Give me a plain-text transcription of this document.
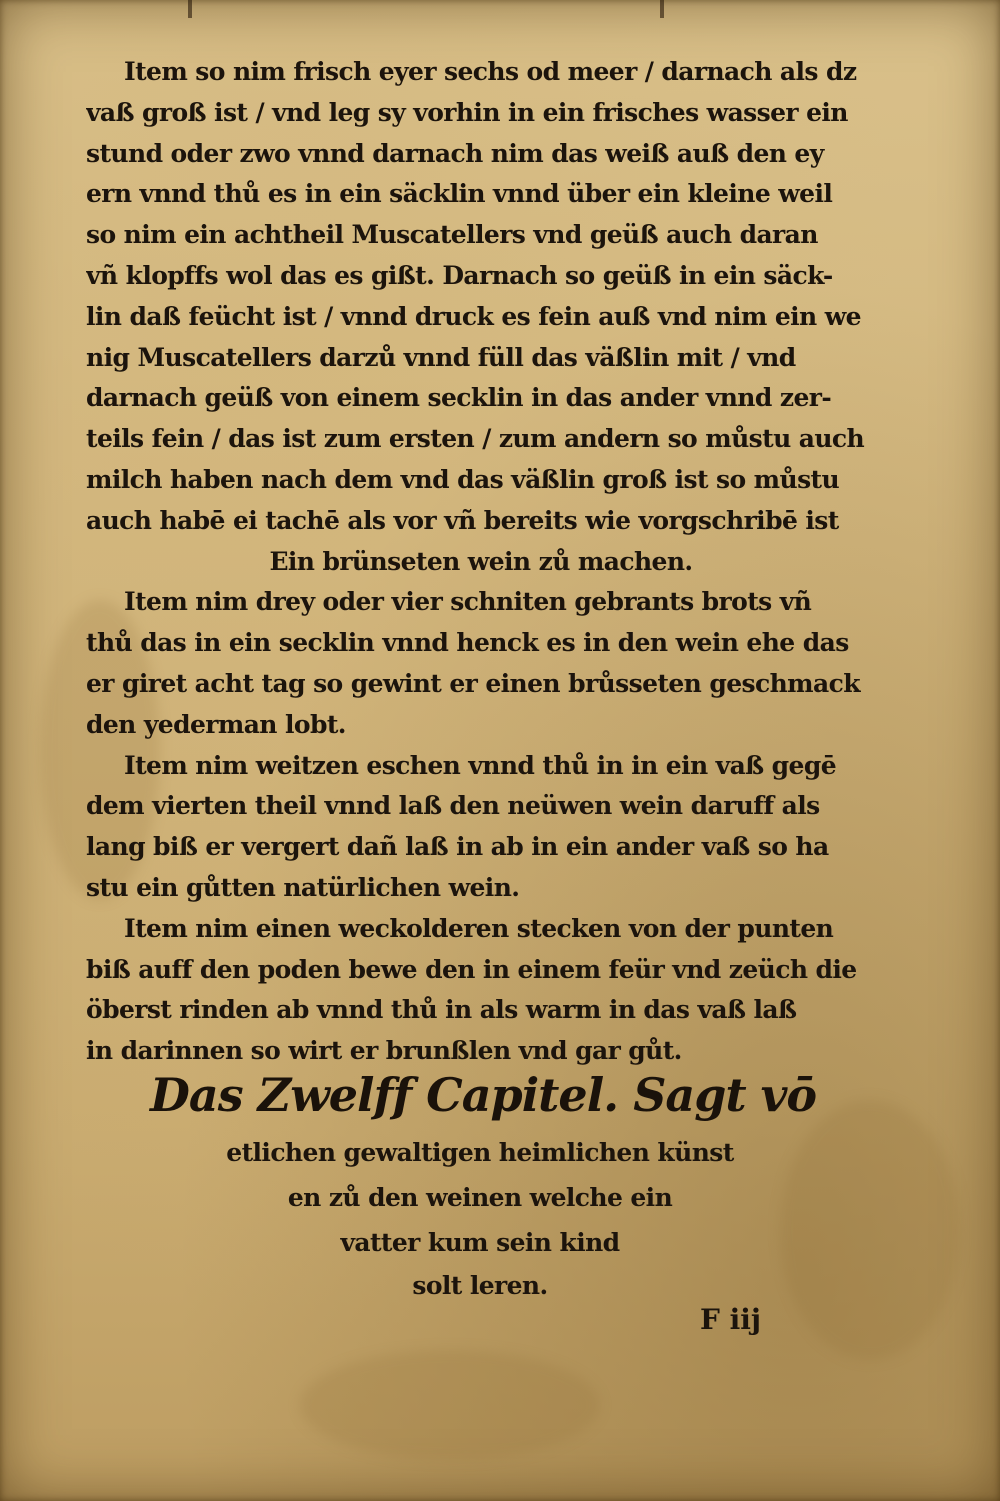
Item so nim frisch eyer sechs od meer / darnach als dz
vaß groß ist / vnd leg sy vorhin in ein frisches wasser ein
stund oder zwo vnnd darnach nim das weiß auß den ey
ern vnnd thů es in ein säcklin vnnd über ein kleine weil
so nim ein achtheil Muscatellers vnd geüß auch daran
vñ klopffs wol das es gißt. Darnach so geüß in ein säck-
lin daß feücht ist / vnnd druck es fein auß vnd nim ein we
nig Muscatellers darzů vnnd füll das väßlin mit / vnd
darnach geüß von einem secklin in das ander vnnd zer-
teils fein / das ist zum ersten / zum andern so můstu auch
milch haben nach dem vnd das väßlin groß ist so můstu
auch habē ei tachē als vor vñ bereits wie vorgschribē ist
Ein brünseten wein zů machen.
Item nim drey oder vier schniten gebrants brots vñ
thů das in ein secklin vnnd henck es in den wein ehe das
er giret acht tag so gewint er einen brůsseten geschmack
den yederman lobt.
Item nim weitzen eschen vnnd thů in in ein vaß gegē
dem vierten theil vnnd laß den neüwen wein daruff als
lang biß er vergert dañ laß in ab in ein ander vaß so ha
stu ein gůtten natürlichen wein.
Item nim einen weckolderen stecken von der punten
biß auff den poden bewe den in einem feür vnd zeüch die
öberst rinden ab vnnd thů in als warm in das vaß laß
in darinnen so wirt er brunßlen vnd gar gůt.
Das Zwelff Capitel. Sagt vō
etlichen gewaltigen heimlichen künst
en zů den weinen welche ein
vatter kum sein kind
solt leren.
F iij
